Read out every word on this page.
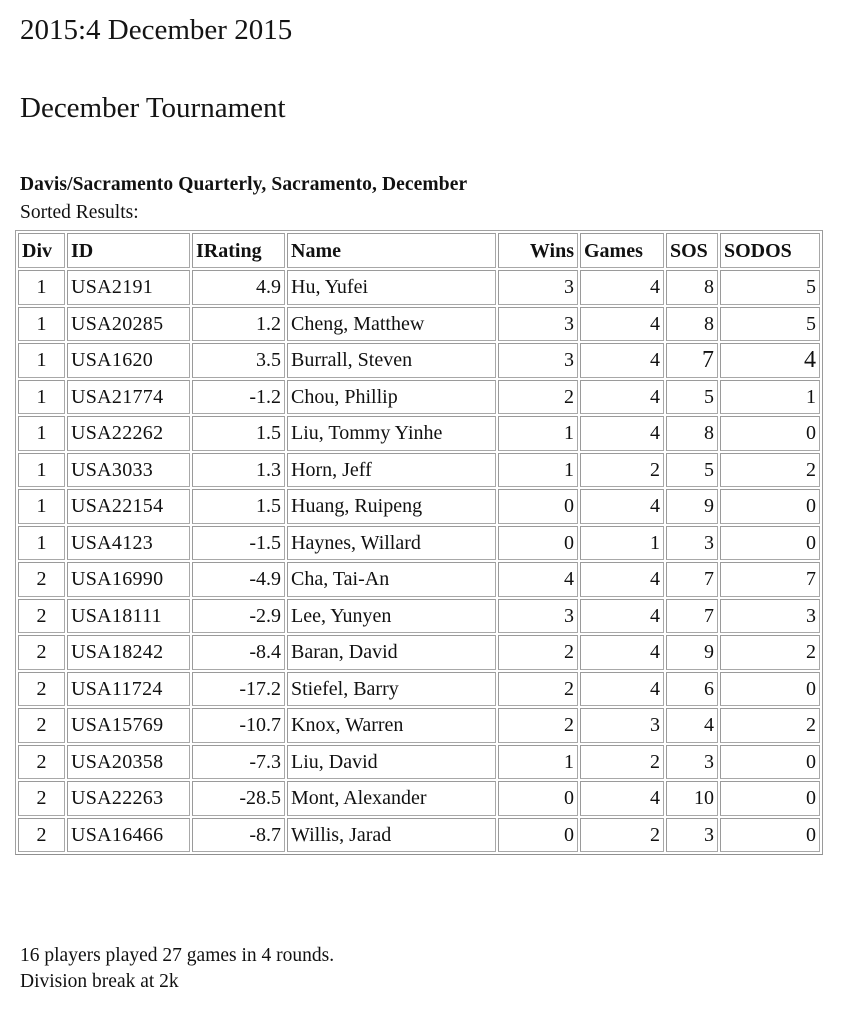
2015:4 December 2015
December Tournament
Davis/Sacramento Quarterly, Sacramento, December
Sorted Results:
Div	ID	IRating	Name	Wins	Games	SOS	SODOS
1	USA2191	4.9	Hu, Yufei	3	4	8	5
1	USA20285	1.2	Cheng, Matthew	3	4	8	5
1	USA1620	3.5	Burrall, Steven	3	4	7	4
1	USA21774	-1.2	Chou, Phillip	2	4	5	1
1	USA22262	1.5	Liu, Tommy Yinhe	1	4	8	0
1	USA3033	1.3	Horn, Jeff	1	2	5	2
1	USA22154	1.5	Huang, Ruipeng	0	4	9	0
1	USA4123	-1.5	Haynes, Willard	0	1	3	0
2	USA16990	-4.9	Cha, Tai-An	4	4	7	7
2	USA18111	-2.9	Lee, Yunyen	3	4	7	3
2	USA18242	-8.4	Baran, David	2	4	9	2
2	USA11724	-17.2	Stiefel, Barry	2	4	6	0
2	USA15769	-10.7	Knox, Warren	2	3	4	2
2	USA20358	-7.3	Liu, David	1	2	3	0
2	USA22263	-28.5	Mont, Alexander	0	4	10	0
2	USA16466	-8.7	Willis, Jarad	0	2	3	0
16 players played 27 games in 4 rounds.
Division break at 2k
